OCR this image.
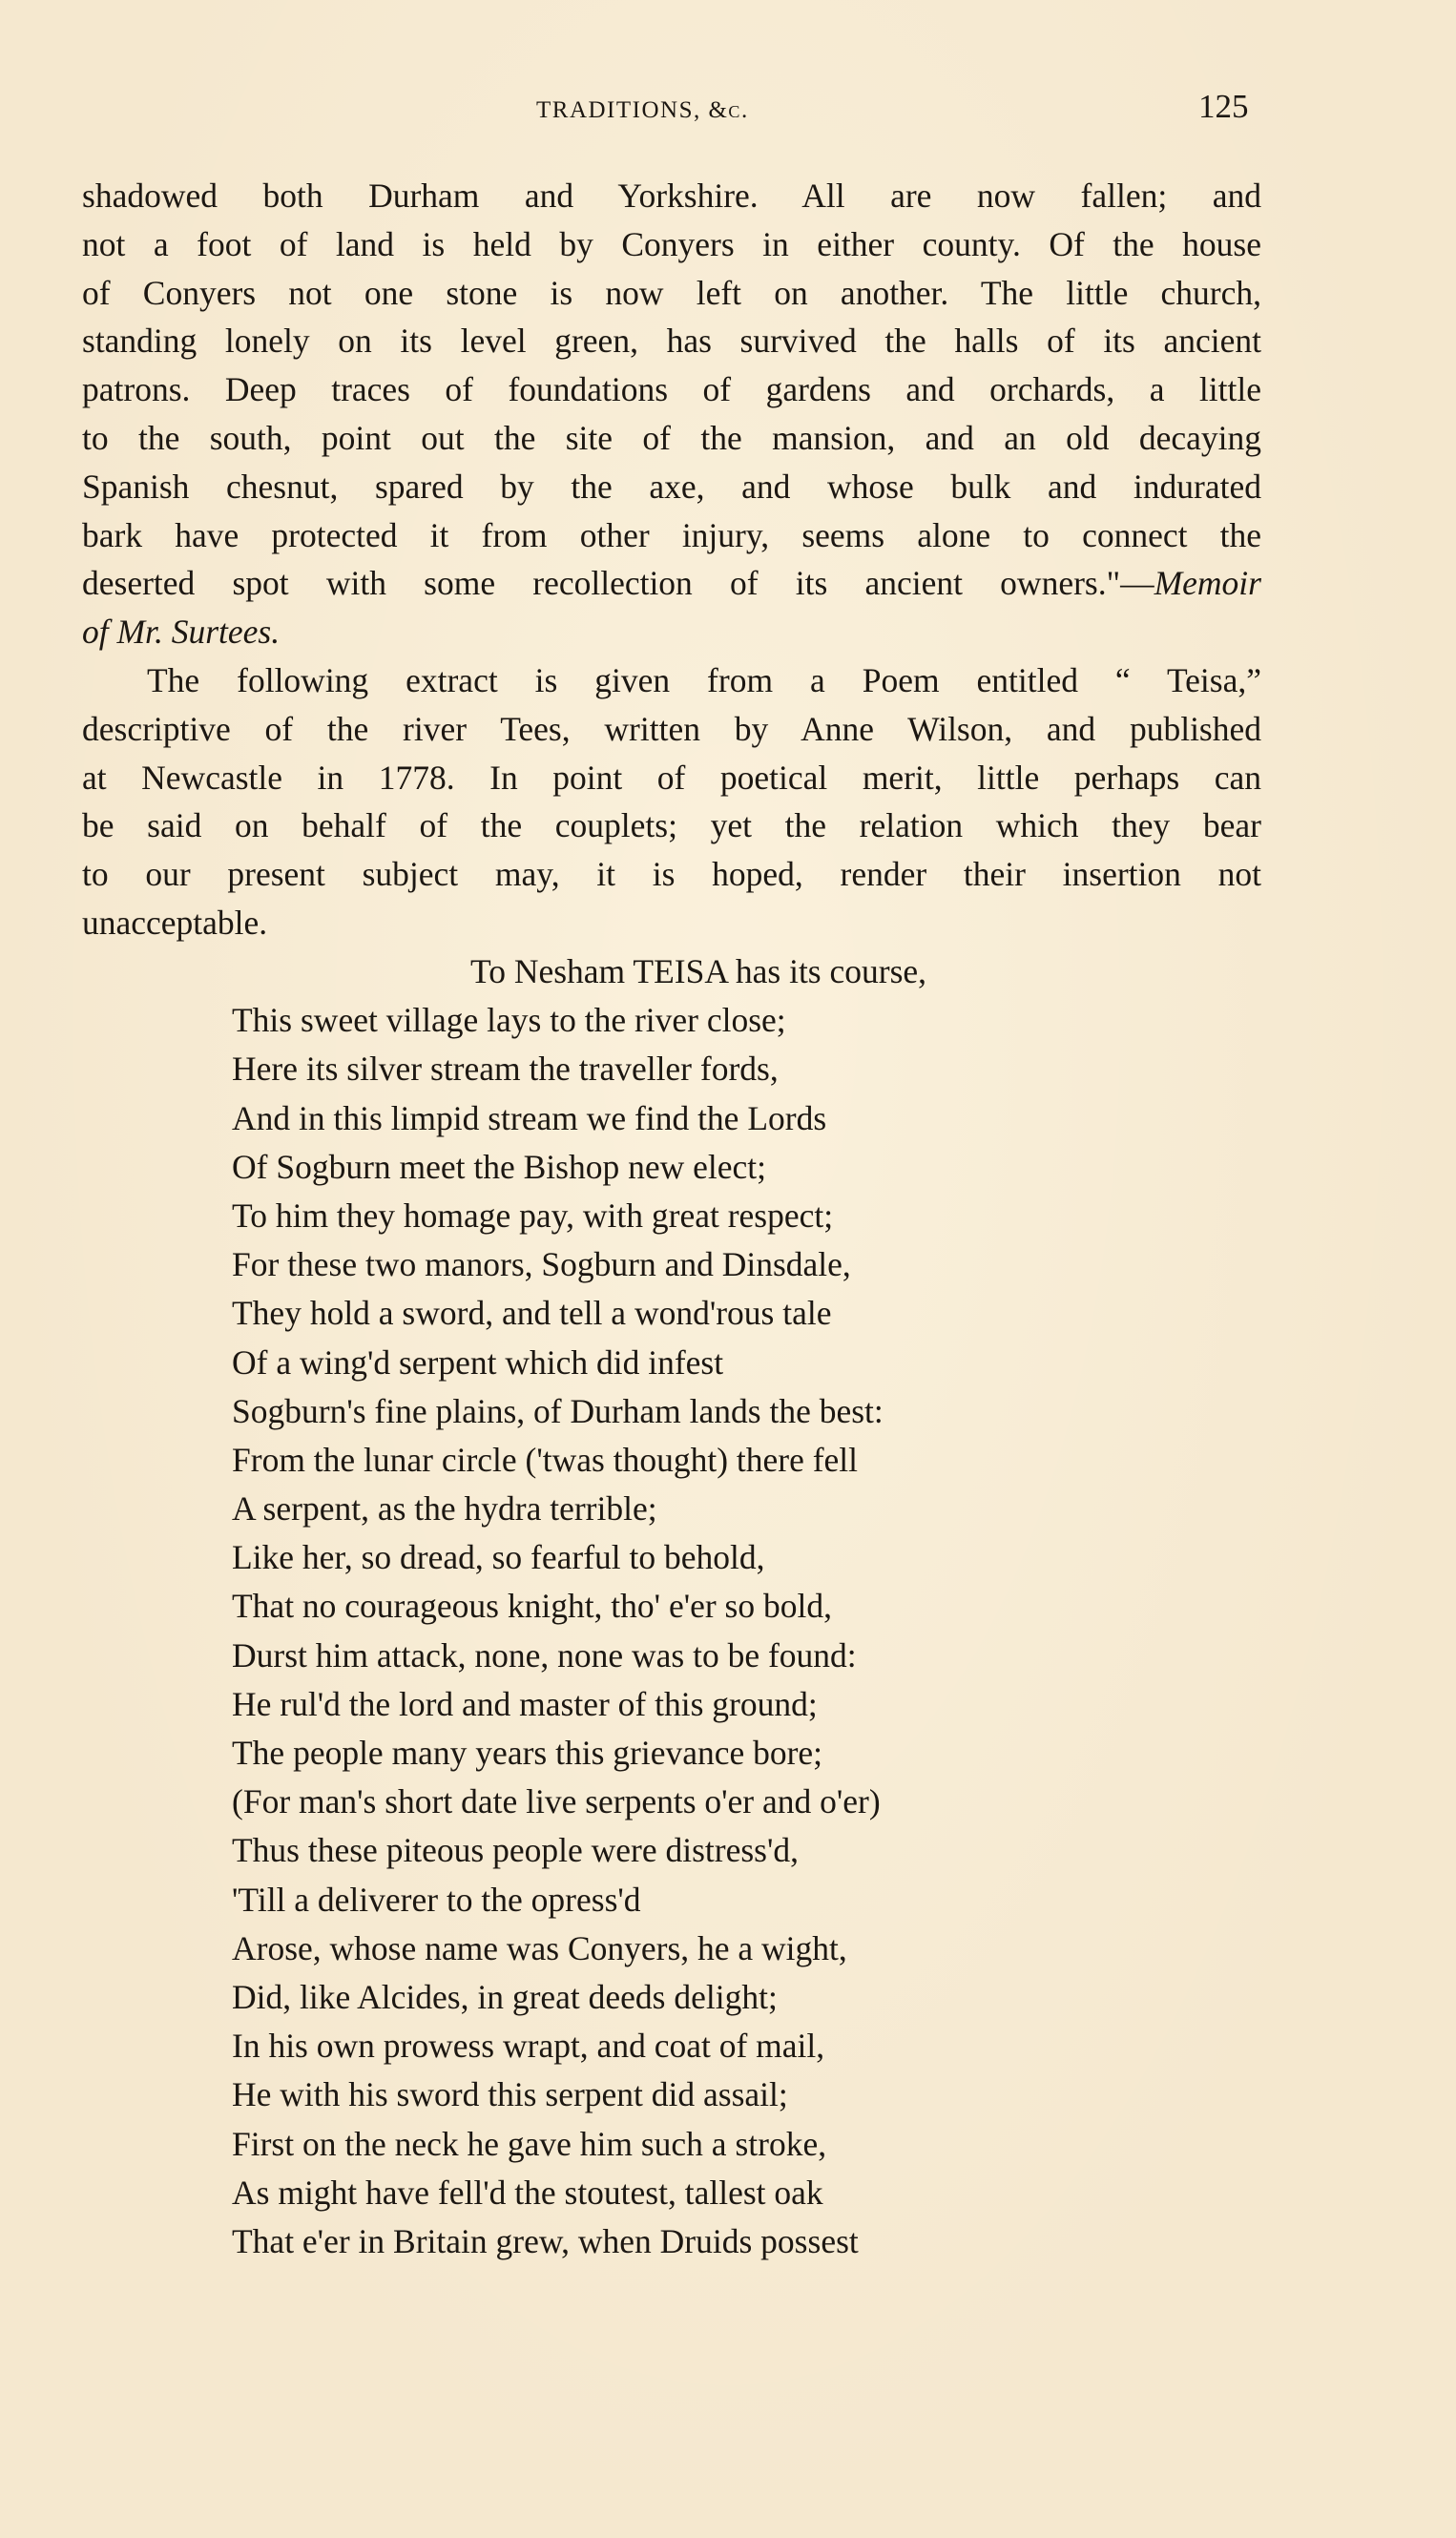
TRADITIONS, &c.	125
shadowed both Durham and Yorkshire. All are now fallen; and
not a foot of land is held by Conyers in either county. Of the house
of Conyers not one stone is now left on another. The little church,
standing lonely on its level green, has survived the halls of its ancient
patrons. Deep traces of foundations of gardens and orchards, a little
to the south, point out the site of the mansion, and an old decaying
Spanish chesnut, spared by the axe, and whose bulk and indurated
bark have protected it from other injury, seems alone to connect the
deserted spot with some recollection of its ancient owners."—Memoir
of Mr. Surtees.
The following extract is given from a Poem entitled “ Teisa,”
descriptive of the river Tees, written by Anne Wilson, and published
at Newcastle in 1778. In point of poetical merit, little perhaps can
be said on behalf of the couplets; yet the relation which they bear
to our present subject may, it is hoped, render their insertion not
unacceptable.
To Nesham TEISA has its course,
This sweet village lays to the river close;
Here its silver stream the traveller fords,
And in this limpid stream we find the Lords
Of Sogburn meet the Bishop new elect;
To him they homage pay, with great respect;
For these two manors, Sogburn and Dinsdale,
They hold a sword, and tell a wond'rous tale
Of a wing'd serpent which did infest
Sogburn's fine plains, of Durham lands the best:
From the lunar circle ('twas thought) there fell
A serpent, as the hydra terrible;
Like her, so dread, so fearful to behold,
That no courageous knight, tho' e'er so bold,
Durst him attack, none, none was to be found:
He rul'd the lord and master of this ground;
The people many years this grievance bore;
(For man's short date live serpents o'er and o'er)
Thus these piteous people were distress'd,
'Till a deliverer to the opress'd
Arose, whose name was Conyers, he a wight,
Did, like Alcides, in great deeds delight;
In his own prowess wrapt, and coat of mail,
He with his sword this serpent did assail;
First on the neck he gave him such a stroke,
As might have fell'd the stoutest, tallest oak
That e'er in Britain grew, when Druids possest
